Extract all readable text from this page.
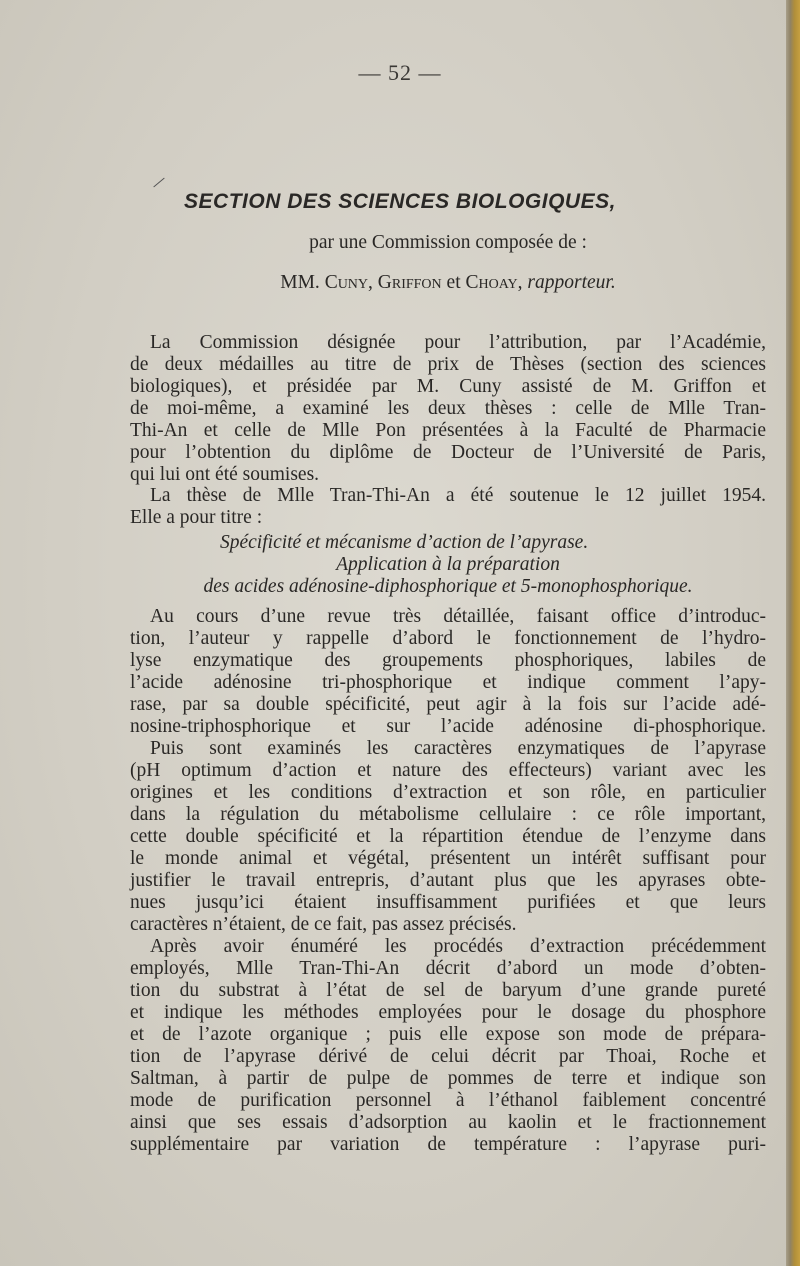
— 52 —
SECTION DES SCIENCES BIOLOGIQUES,
par une Commission composée de :
MM. Cuny, Griffon et Choay, rapporteur.
La Commission désignée pour l’attribution, par l’Académie,
de deux médailles au titre de prix de Thèses (section des sciences
biologiques), et présidée par M. Cuny assisté de M. Griffon et
de moi-même, a examiné les deux thèses : celle de Mlle Tran-
Thi-An et celle de Mlle Pon présentées à la Faculté de Pharmacie
pour l’obtention du diplôme de Docteur de l’Université de Paris,
qui lui ont été soumises.
La thèse de Mlle Tran-Thi-An a été soutenue le 12 juillet 1954.
Elle a pour titre :
Spécificité et mécanisme d’action de l’apyrase.
Application à la préparation
des acides adénosine-diphosphorique et 5-monophosphorique.
Au cours d’une revue très détaillée, faisant office d’introduc-
tion, l’auteur y rappelle d’abord le fonctionnement de l’hydro-
lyse enzymatique des groupements phosphoriques, labiles de
l’acide adénosine tri-phosphorique et indique comment l’apy-
rase, par sa double spécificité, peut agir à la fois sur l’acide adé-
nosine-triphosphorique et sur l’acide adénosine di-phosphorique.
Puis sont examinés les caractères enzymatiques de l’apyrase
(pH optimum d’action et nature des effecteurs) variant avec les
origines et les conditions d’extraction et son rôle, en particulier
dans la régulation du métabolisme cellulaire : ce rôle important,
cette double spécificité et la répartition étendue de l’enzyme dans
le monde animal et végétal, présentent un intérêt suffisant pour
justifier le travail entrepris, d’autant plus que les apyrases obte-
nues jusqu’ici étaient insuffisamment purifiées et que leurs
caractères n’étaient, de ce fait, pas assez précisés.
Après avoir énuméré les procédés d’extraction précédemment
employés, Mlle Tran-Thi-An décrit d’abord un mode d’obten-
tion du substrat à l’état de sel de baryum d’une grande pureté
et indique les méthodes employées pour le dosage du phosphore
et de l’azote organique ; puis elle expose son mode de prépara-
tion de l’apyrase dérivé de celui décrit par Thoai, Roche et
Saltman, à partir de pulpe de pommes de terre et indique son
mode de purification personnel à l’éthanol faiblement concentré
ainsi que ses essais d’adsorption au kaolin et le fractionnement
supplémentaire par variation de température : l’apyrase puri-
